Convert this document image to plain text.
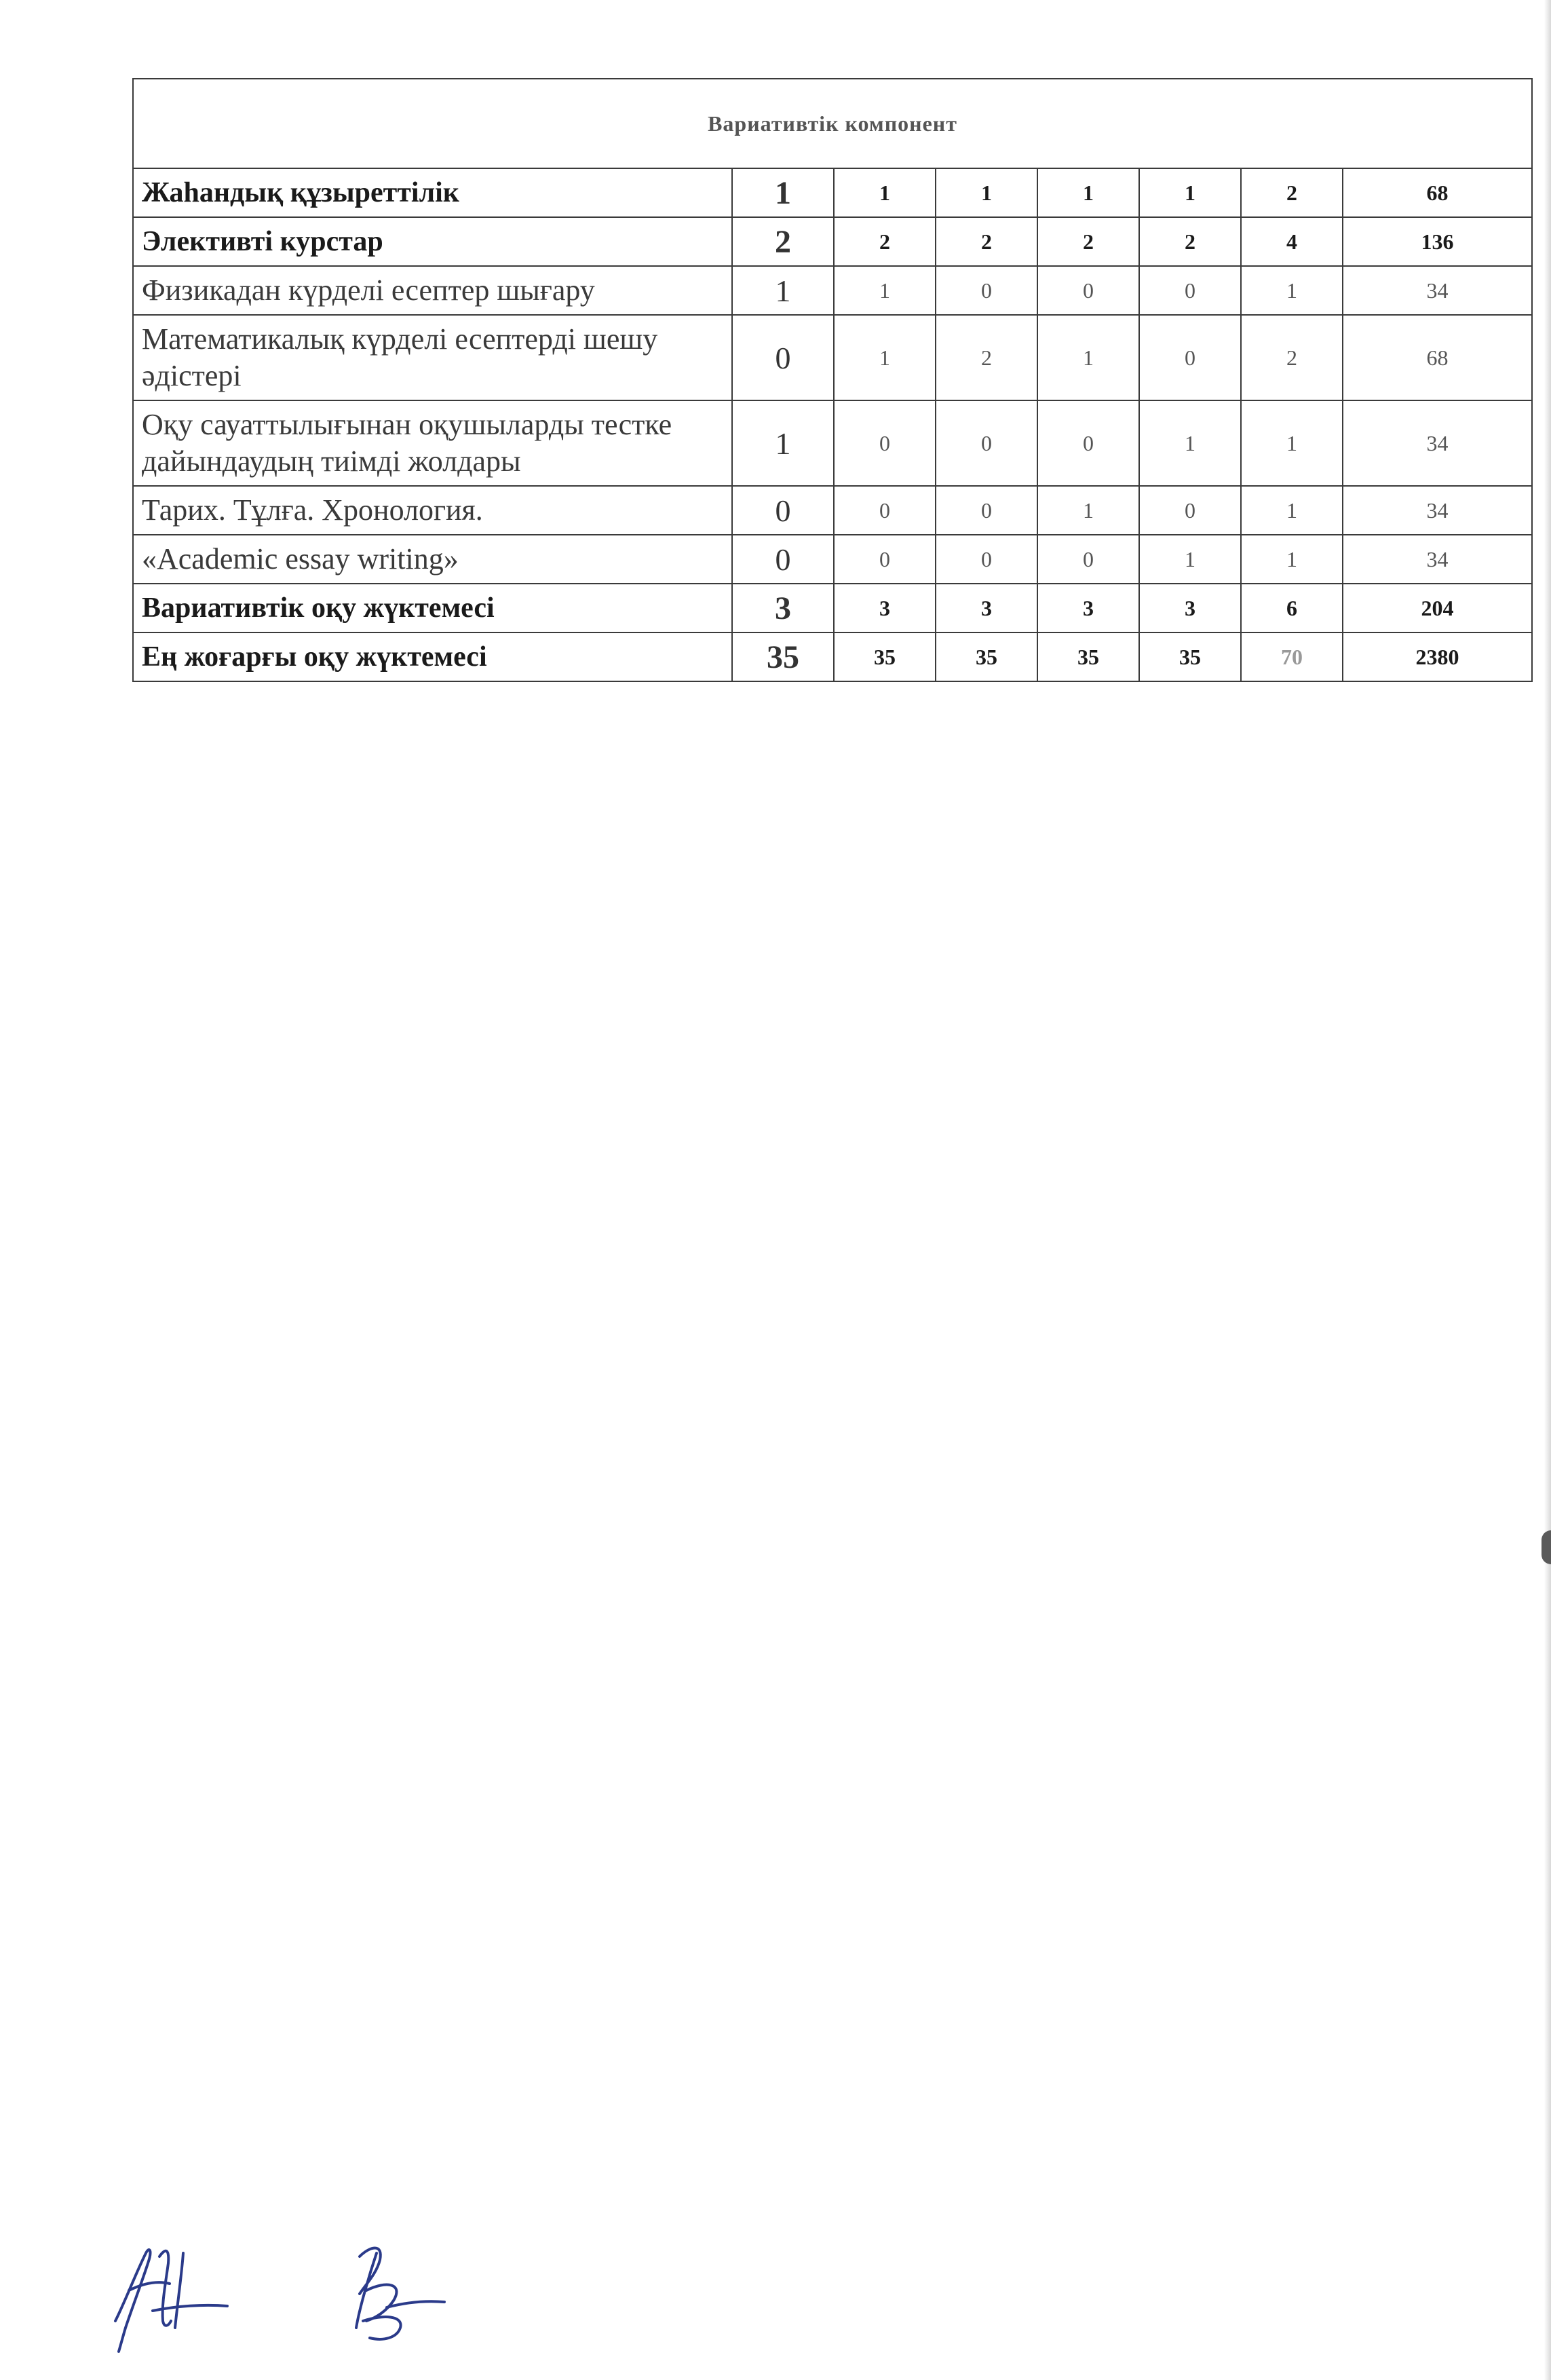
Вариативтік компонент							
Жаһандық құзыреттілік	1	1	1	1	1	2	68
Элективті курстар	2	2	2	2	2	4	136
Физикадан күрделі есептер шығару	1	1	0	0	0	1	34
Математикалық күрделі есептерді шешу әдістері	0	1	2	1	0	2	68
Оқу сауаттылығынан оқушыларды тестке дайындаудың тиімді жолдары	1	0	0	0	1	1	34
Тарих. Тұлға. Хронология.	0	0	0	1	0	1	34
«Academic essay writing»	0	0	0	0	1	1	34
Вариативтік оқу жүктемесі	3	3	3	3	3	6	204
Ең жоғарғы оқу жүктемесі	35	35	35	35	35	70	2380
